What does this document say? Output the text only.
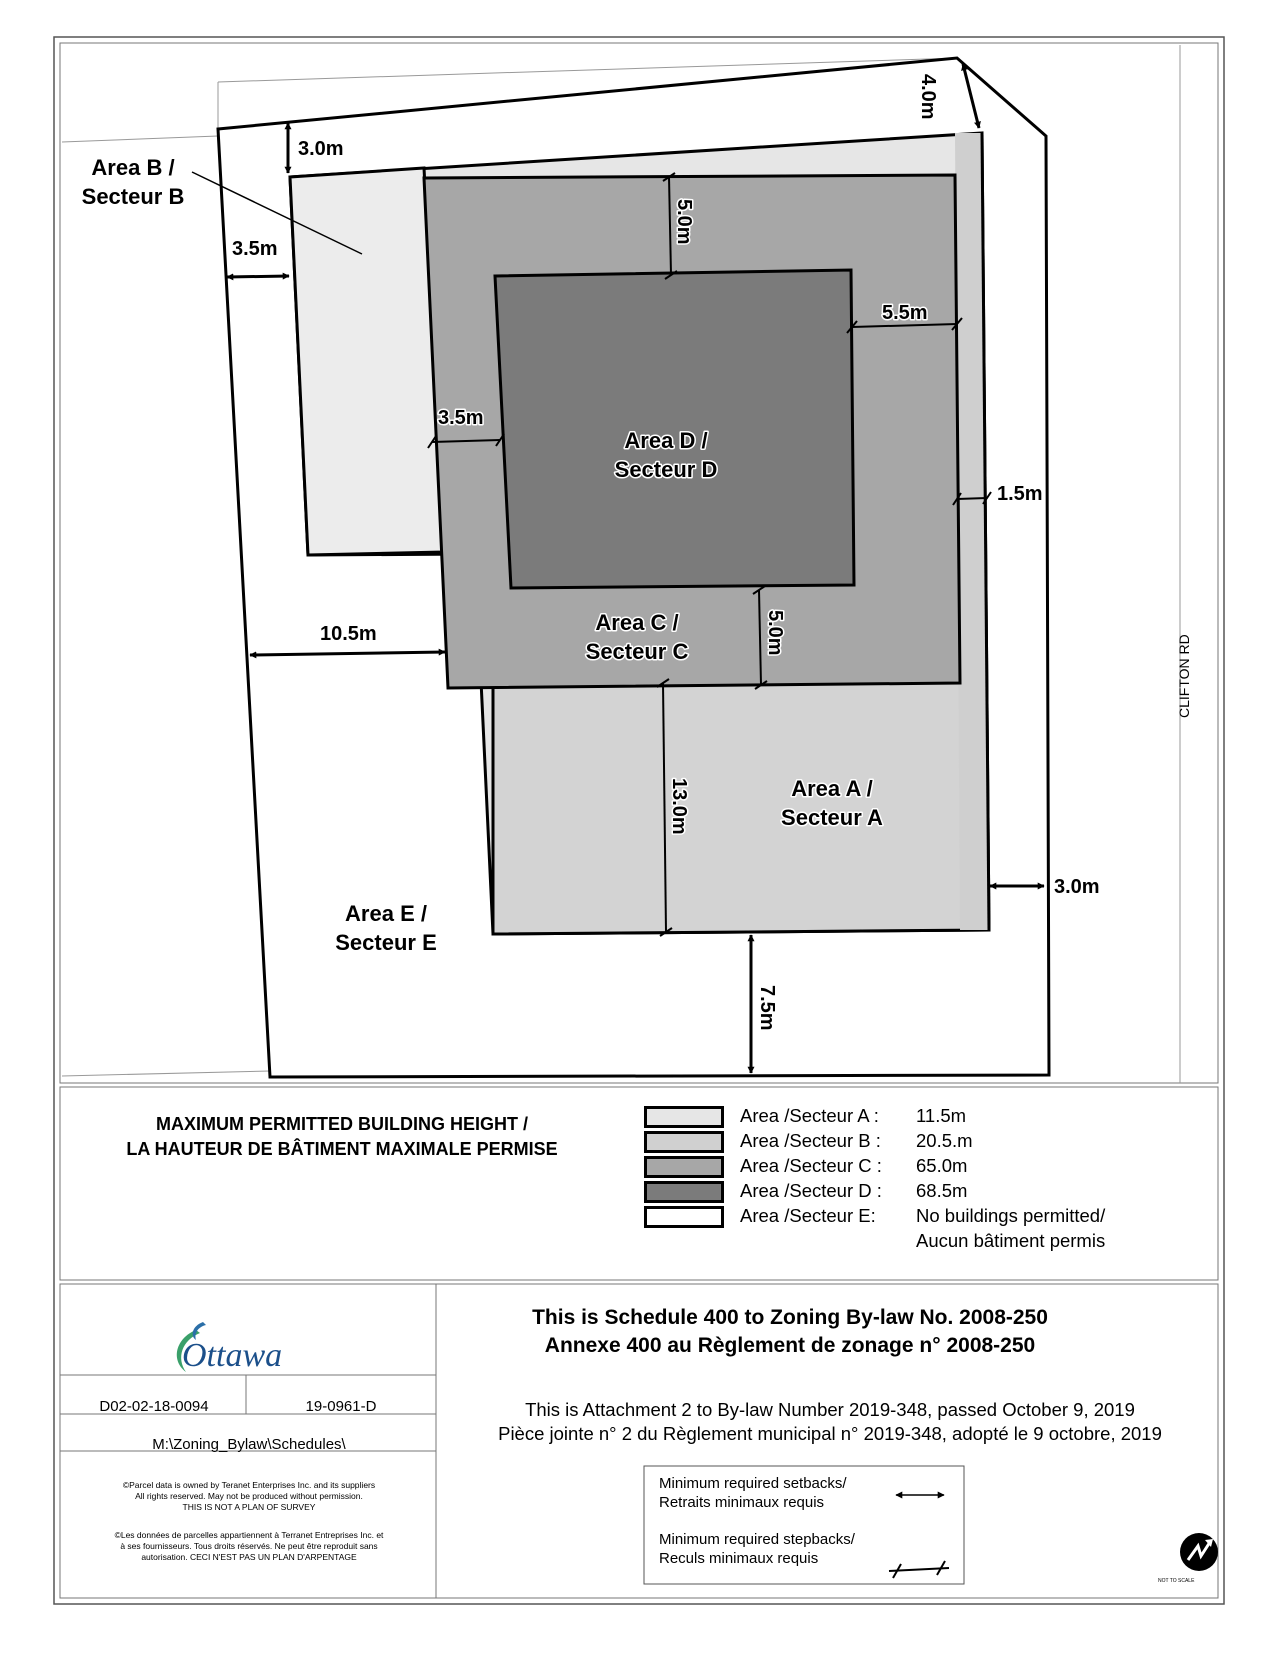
3.0m
3.5m
10.5m
5.5m
3.5m
1.5m
3.0m
4.0m
5.0m
5.0m
13.0m
7.5m
Area B /
Secteur B
Area D /
Secteur D
Area C /
Secteur C
Area A /
Secteur A
Area E /
Secteur E
CLIFTON RD
Ottawa
MAXIMUM PERMITTED BUILDING HEIGHT /
LA HAUTEUR DE BÂTIMENT MAXIMALE PERMISE
Area /Secteur A : 11.5m
Area /Secteur B : 20.5.m
Area /Secteur C : 65.0m
Area /Secteur D : 68.5m
Area /Secteur E: No buildings permitted/
Aucun bâtiment permis
D02-02-18-0094	19-0961-D
M:\Zoning_Bylaw\Schedules\
©Parcel data is owned by Teranet Enterprises Inc. and its suppliers
All rights reserved. May not be produced without permission.
THIS IS NOT A PLAN OF SURVEY
©Les données de parcelles appartiennent à Terranet Entreprises Inc. et
à ses fournisseurs. Tous droits réservés. Ne peut être reproduit sans
autorisation. CECI N'EST PAS UN PLAN D'ARPENTAGE
This is Schedule 400 to Zoning By-law No. 2008-250
Annexe 400 au Règlement de zonage n° 2008-250
This is Attachment 2 to By-law Number 2019-348, passed October 9, 2019
Pièce jointe n° 2 du Règlement municipal n° 2019-348, adopté le 9 octobre, 2019
Minimum required setbacks/
Retraits minimaux requis
Minimum required stepbacks/
Reculs minimaux requis
NOT TO SCALE
